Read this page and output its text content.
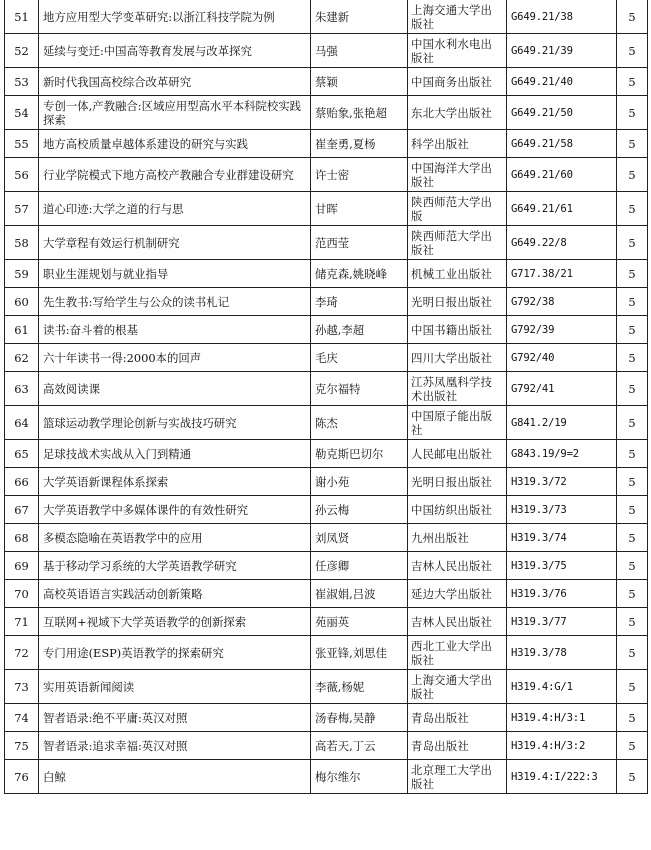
51	地方应用型大学变革研究:以浙江科技学院为例	朱建新	上海交通大学出版社	G649.21/38	5
52	延续与变迁:中国高等教育发展与改革探究	马强	中国水利水电出版社	G649.21/39	5
53	新时代我国高校综合改革研究	蔡颖	中国商务出版社	G649.21/40	5
54	专创一体,产教融合:区域应用型高水平本科院校实践探索	蔡贻象,张艳超	东北大学出版社	G649.21/50	5
55	地方高校质量卓越体系建设的研究与实践	崔奎勇,夏杨	科学出版社	G649.21/58	5
56	行业学院模式下地方高校产教融合专业群建设研究	许士密	中国海洋大学出版社	G649.21/60	5
57	道心印迹:大学之道的行与思	甘晖	陕西师范大学出版	G649.21/61	5
58	大学章程有效运行机制研究	范西莹	陕西师范大学出版社	G649.22/8	5
59	职业生涯规划与就业指导	储克森,姚晓峰	机械工业出版社	G717.38/21	5
60	先生教书:写给学生与公众的读书札记	李琦	光明日报出版社	G792/38	5
61	读书:奋斗着的根基	孙越,李超	中国书籍出版社	G792/39	5
62	六十年读书一得:2000本的回声	毛庆	四川大学出版社	G792/40	5
63	高效阅读课	克尔福特	江苏凤凰科学技术出版社	G792/41	5
64	篮球运动教学理论创新与实战技巧研究	陈杰	中国原子能出版社	G841.2/19	5
65	足球技战术实战从入门到精通	勒克斯巴切尔	人民邮电出版社	G843.19/9=2	5
66	大学英语新课程体系探索	谢小苑	光明日报出版社	H319.3/72	5
67	大学英语教学中多媒体课件的有效性研究	孙云梅	中国纺织出版社	H319.3/73	5
68	多模态隐喻在英语教学中的应用	刘凤贤	九州出版社	H319.3/74	5
69	基于移动学习系统的大学英语教学研究	任彦卿	吉林人民出版社	H319.3/75	5
70	高校英语语言实践活动创新策略	崔淑娟,吕波	延边大学出版社	H319.3/76	5
71	互联网+视域下大学英语教学的创新探索	苑丽英	吉林人民出版社	H319.3/77	5
72	专门用途(ESP)英语教学的探索研究	张亚锋,刘思佳	西北工业大学出版社	H319.3/78	5
73	实用英语新闻阅读	李薇,杨妮	上海交通大学出版社	H319.4:G/1	5
74	智者语录:绝不平庸:英汉对照	汤春梅,吴静	青岛出版社	H319.4:H/3:1	5
75	智者语录:追求幸福:英汉对照	高若天,丁云	青岛出版社	H319.4:H/3:2	5
76	白鲸	梅尔维尔	北京理工大学出版社	H319.4:I/222:3	5
